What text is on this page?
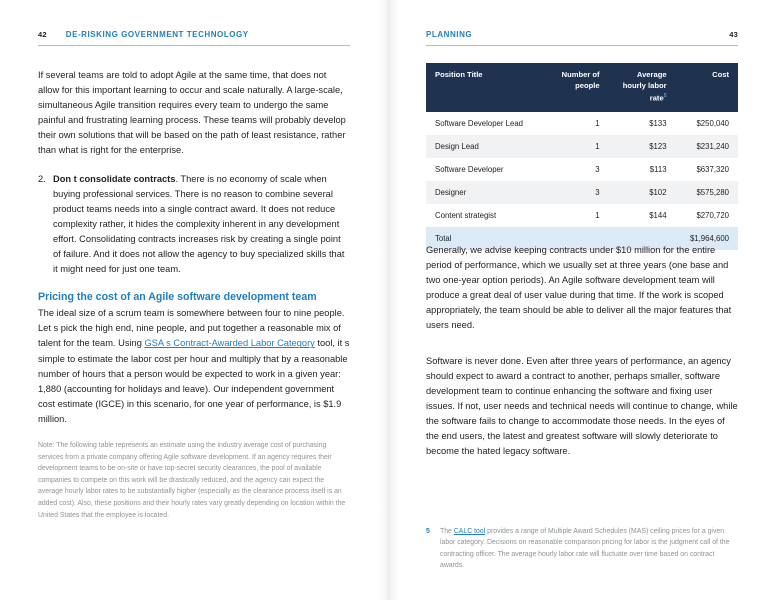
42 DE-RISKING GOVERNMENT TECHNOLOGY

If several teams are told to adopt Agile at the same time, that does not allow for this important learning to occur and scale naturally. A large-scale, simultaneous Agile transition requires every team to undergo the same painful and frustrating learning process. These teams will probably develop their own solutions that will be based on the path of least resistance, rather than what is right for the enterprise.

2. Don t consolidate contracts. There is no economy of scale when buying professional services. There is no reason to combine several product teams needs into a single contract award. It does not reduce complexity rather, it hides the complexity inherent in any development effort. Consolidating contracts increases risk by creating a single point of failure. And it does not allow the agency to buy specialized skills that it might need for just one team.
Pricing the cost of an Agile software development team

The ideal size of a scrum team is somewhere between four to nine people. Let s pick the high end, nine people, and put together a reasonable mix of talent for the team. Using GSA s Contract-Awarded Labor Category tool, it s simple to estimate the labor cost per hour and multiply that by a reasonable number of hours that a person would be expected to work in a given year: 1,880 (accounting for holidays and leave). Our independent government cost estimate (IGCE) in this scenario, for one year of performance, is $1.9 million.

Note: The following table represents an estimate using the industry average cost of purchasing services from a private company offering Agile software development. If an agency requires their development teams to be on-site or have top-secret security clearances, the pool of available companies to compete on this work will be drastically reduced, and the agency can expect the average hourly labor rates to be substantially higher (especially as the clearance process itself is an added cost). Also, these positions and their hourly rates vary greatly depending on location within the United States that the employee is located.

PLANNING	43
Position Title	Number of people	Average hourly labor rate$^5$	Cost
Software Developer Lead	1	$133	$250,040
Design Lead	1	$123	$231,240
Software Developer	3	$113	$637,320
Designer	3	$102	$575,280
Content strategist	1	$144	$270,720
Total			$1,964,600

Generally, we advise keeping contracts under $10 million for the entire period of performance, which we usually set at three years (one base and two one-year option periods). An Agile software development team will produce a great deal of user value during that time. If the work is scoped appropriately, the team should be able to deliver all the major features that users need.

Software is never done. Even after three years of performance, an agency should expect to award a contract to another, perhaps smaller, software development team to continue enhancing the software and fixing user issues. If not, user needs and technical needs will continue to change, while the software fails to change to accommodate those needs. In the eyes of the end users, the latest and greatest software will slowly deteriorate to become the hated legacy software.

5	The CALC tool provides a range of Multiple Award Schedules (MAS) ceiling prices for a given labor category. Decisions on reasonable comparison pricing for labor is the judgment call of the contracting officer. The average hourly labor rate will fluctuate over time based on contract awards.
